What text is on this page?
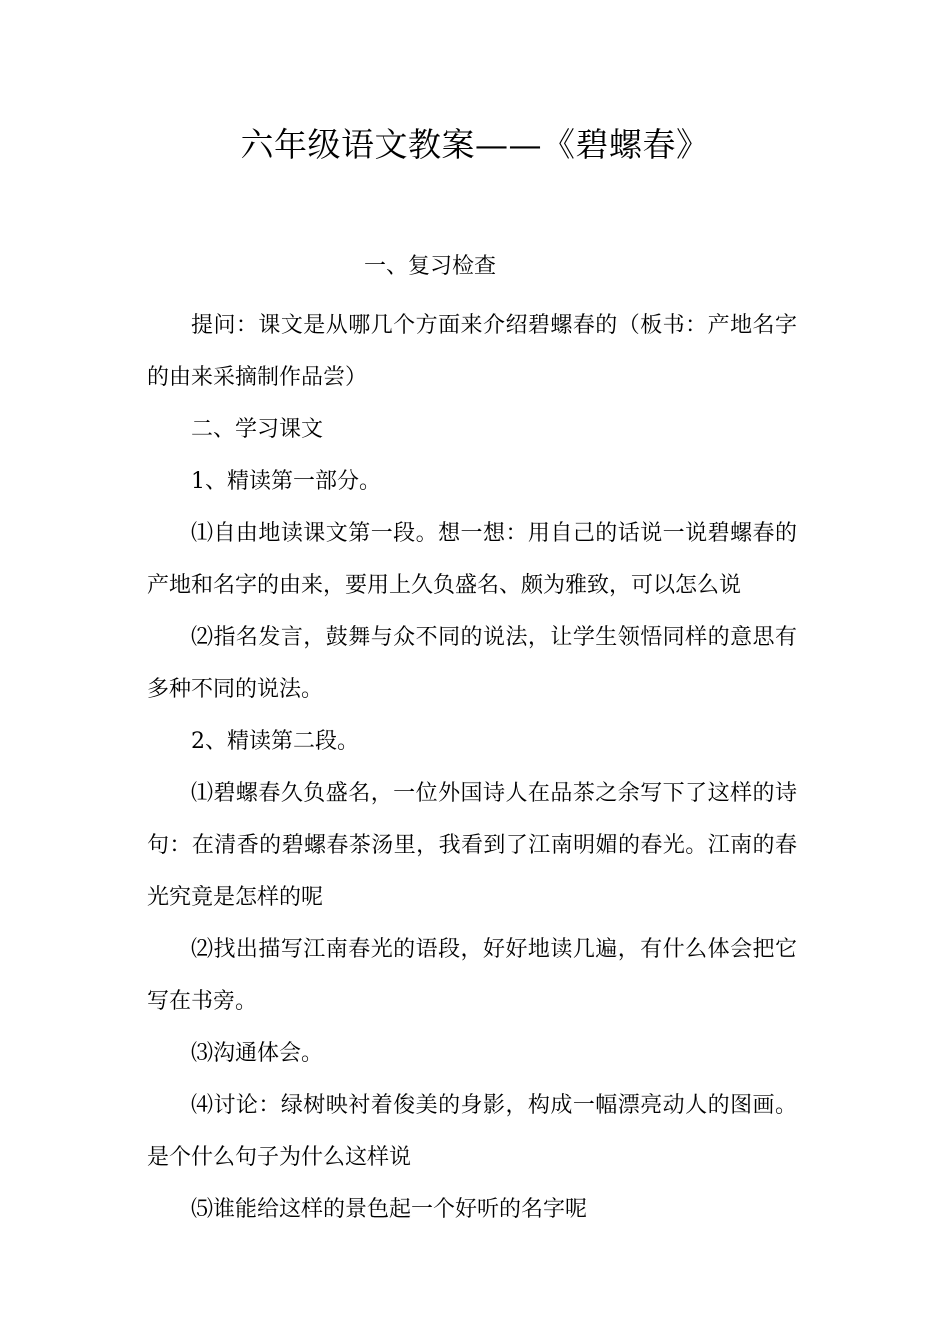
六年级语文教案——《碧螺春》
一、复习检查

提问：课文是从哪几个方面来介绍碧螺春的（板书：产地名字的由来采摘制作品尝）

二、学习课文

1、精读第一部分。

⑴自由地读课文第一段。想一想：用自己的话说一说碧螺春的产地和名字的由来，要用上久负盛名、颇为雅致，可以怎么说

⑵指名发言，鼓舞与众不同的说法，让学生领悟同样的意思有多种不同的说法。

2、精读第二段。

⑴碧螺春久负盛名，一位外国诗人在品茶之余写下了这样的诗句：在清香的碧螺春茶汤里，我看到了江南明媚的春光。江南的春光究竟是怎样的呢

⑵找出描写江南春光的语段，好好地读几遍，有什么体会把它写在书旁。

⑶沟通体会。

⑷讨论：绿树映衬着俊美的身影，构成一幅漂亮动人的图画。是个什么句子为什么这样说

⑸谁能给这样的景色起一个好听的名字呢
